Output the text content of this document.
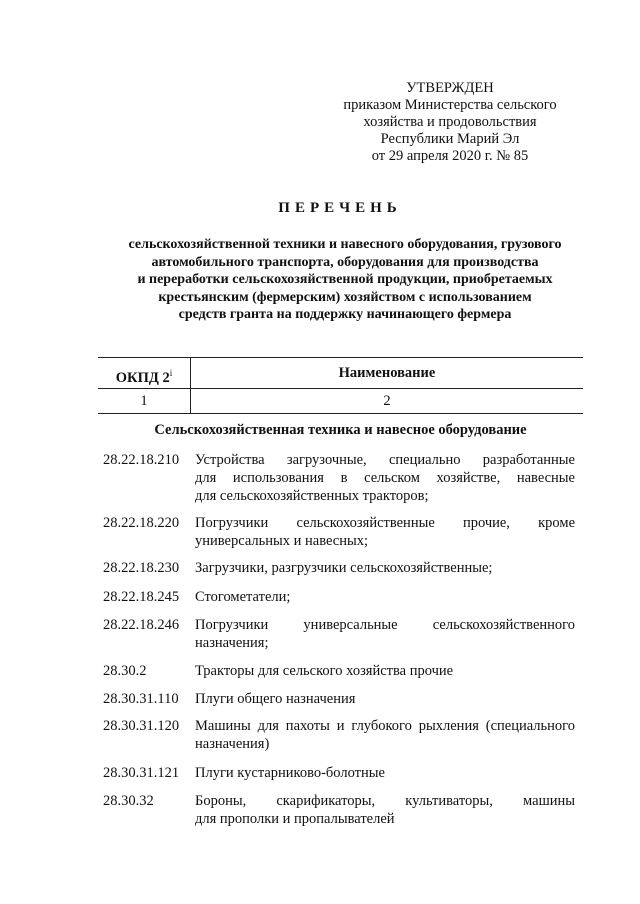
УТВЕРЖДЕН
приказом Министерства сельского
хозяйства и продовольствия
Республики Марий Эл
от 29 апреля 2020 г. № 85
ПЕРЕЧЕНЬ
сельскохозяйственной техники и навесного оборудования, грузового
автомобильного транспорта, оборудования для производства
и переработки сельскохозяйственной продукции, приобретаемых
крестьянским (фермерским) хозяйством с использованием
средств гранта на поддержку начинающего фермера
ОКПД 2$^i$	Наименование
1	2
Сельскохозяйственная техника и навесное оборудование
28.22.18.210 Устройства загрузочные, специально разработанные
для использования в сельском хозяйстве, навесные
для сельскохозяйственных тракторов;
28.22.18.220 Погрузчики сельскохозяйственные прочие, кроме
универсальных и навесных;
28.22.18.230 Загрузчики, разгрузчики сельскохозяйственные;
28.22.18.245 Стогометатели;
28.22.18.246 Погрузчики универсальные сельскохозяйственного
назначения;
28.30.2	Тракторы для сельского хозяйства прочие
28.30.31.110 Плуги общего назначения
28.30.31.120 Машины для пахоты и глубокого рыхления (специального
назначения)
28.30.31.121 Плуги кустарниково-болотные
28.30.32	Бороны, скарификаторы, культиваторы, машины
для прополки и пропалывателей
